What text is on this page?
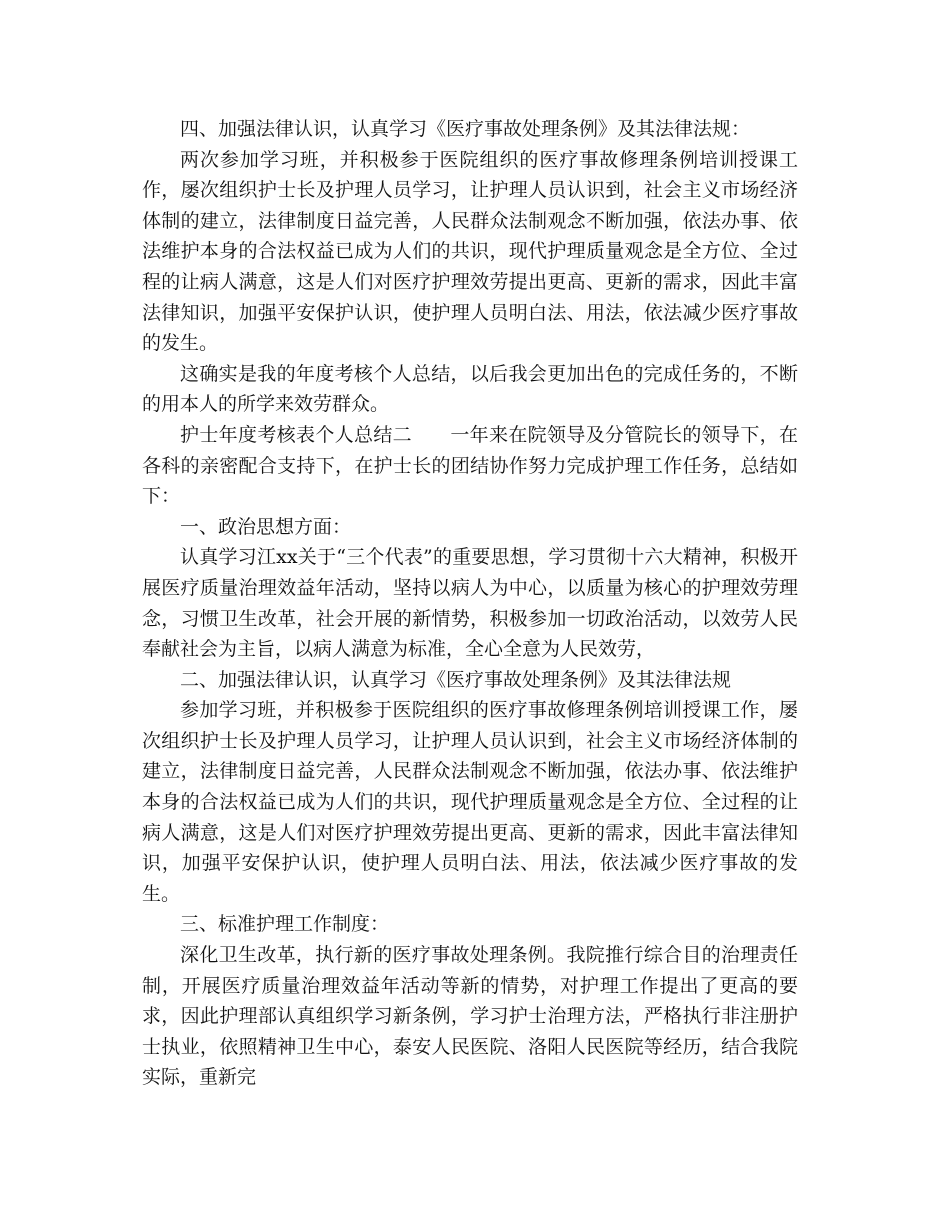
四、加强法律认识，认真学习《医疗事故处理条例》及其法律法规：

两次参加学习班，并积极参于医院组织的医疗事故修理条例培训授课工作，屡次组织护士长及护理人员学习，让护理人员认识到，社会主义市场经济体制的建立，法律制度日益完善，人民群众法制观念不断加强，依法办事、依法维护本身的合法权益已成为人们的共识，现代护理质量观念是全方位、全过程的让病人满意，这是人们对医疗护理效劳提出更高、更新的需求，因此丰富法律知识，加强平安保护认识，使护理人员明白法、用法，依法减少医疗事故的发生。

这确实是我的年度考核个人总结，以后我会更加出色的完成任务的，不断的用本人的所学来效劳群众。

护士年度考核表个人总结二 一年来在院领导及分管院长的领导下，在各科的亲密配合支持下，在护士长的团结协作努力完成护理工作任务，总结如下：

一、政治思想方面：

认真学习江xx关于“三个代表”的重要思想，学习贯彻十六大精神，积极开展医疗质量治理效益年活动，坚持以病人为中心，以质量为核心的护理效劳理念，习惯卫生改革，社会开展的新情势，积极参加一切政治活动，以效劳人民奉献社会为主旨，以病人满意为标准，全心全意为人民效劳，

二、加强法律认识，认真学习《医疗事故处理条例》及其法律法规

参加学习班，并积极参于医院组织的医疗事故修理条例培训授课工作，屡次组织护士长及护理人员学习，让护理人员认识到，社会主义市场经济体制的建立，法律制度日益完善，人民群众法制观念不断加强，依法办事、依法维护本身的合法权益已成为人们的共识，现代护理质量观念是全方位、全过程的让病人满意，这是人们对医疗护理效劳提出更高、更新的需求，因此丰富法律知识，加强平安保护认识，使护理人员明白法、用法，依法减少医疗事故的发生。

三、标准护理工作制度：

深化卫生改革，执行新的医疗事故处理条例。我院推行综合目的治理责任制，开展医疗质量治理效益年活动等新的情势，对护理工作提出了更高的要求，因此护理部认真组织学习新条例，学习护士治理方法，严格执行非注册护士执业，依照精神卫生中心，泰安人民医院、洛阳人民医院等经历，结合我院实际，重新完
